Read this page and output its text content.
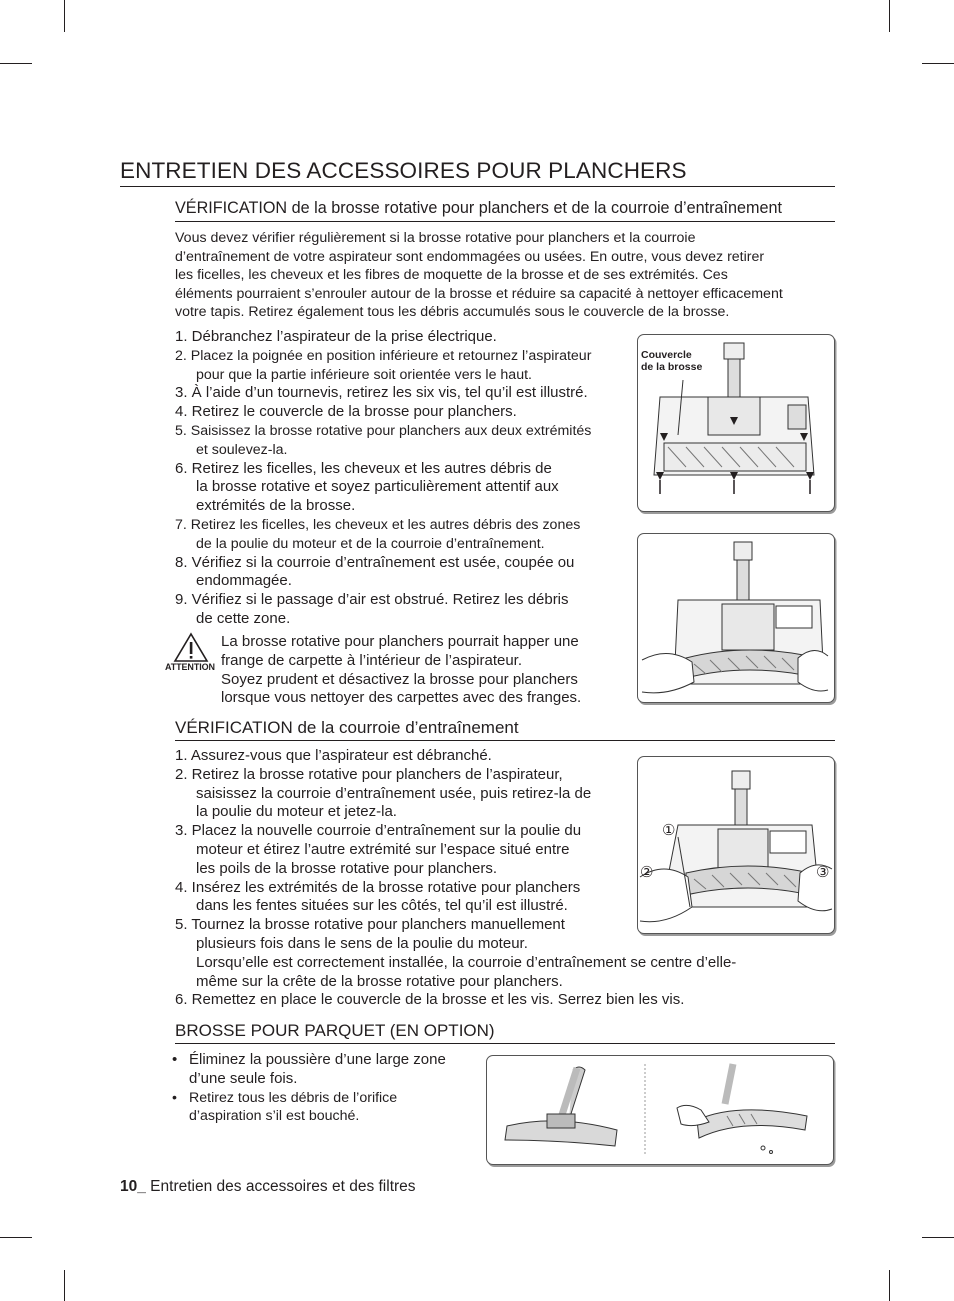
ENTRETIEN DES ACCESSOIRES POUR PLANCHERS
VÉRIFICATION de la brosse rotative pour planchers et de la courroie d’entraînement
Vous devez vérifier régulièrement si la brosse rotative pour planchers et la courroie
d’entraînement de votre aspirateur sont endommagées ou usées. En outre, vous devez retirer
les ficelles, les cheveux et les fibres de moquette de la brosse et de ses extrémités. Ces
éléments pourraient s’enrouler autour de la brosse et réduire sa capacité à nettoyer efficacement
votre tapis. Retirez également tous les débris accumulés sous le couvercle de la brosse.
1. Débranchez l’aspirateur de la prise électrique.
2. Placez la poignée en position inférieure et retournez l’aspirateur
pour que la partie inférieure soit orientée vers le haut.
3. À l’aide d’un tournevis, retirez les six vis, tel qu’il est illustré.
4. Retirez le couvercle de la brosse pour planchers.
5. Saisissez la brosse rotative pour planchers aux deux extrémités
et soulevez-la.
6. Retirez les ficelles, les cheveux et les autres débris de
la brosse rotative et soyez particulièrement attentif aux
extrémités de la brosse.
7. Retirez les ficelles, les cheveux et les autres débris des zones
de la poulie du moteur et de la courroie d’entraînement.
8. Vérifiez si la courroie d’entraînement est usée, coupée ou
endommagée.
9. Vérifiez si le passage d’air est obstrué. Retirez les débris
de cette zone.
ATTENTION
La brosse rotative pour planchers pourrait happer une
frange de carpette à l’intérieur de l’aspirateur.
Soyez prudent et désactivez la brosse pour planchers
lorsque vous nettoyer des carpettes avec des franges.
Couvercle
de la brosse
VÉRIFICATION de la courroie d’entraînement
1. Assurez-vous que l’aspirateur est débranché.
2. Retirez la brosse rotative pour planchers de l’aspirateur,
saisissez la courroie d’entraînement usée, puis retirez-la de
la poulie du moteur et jetez-la.
3. Placez la nouvelle courroie d’entraînement sur la poulie du
moteur et étirez l’autre extrémité sur l’espace situé entre
les poils de la brosse rotative pour planchers.
4. Insérez les extrémités de la brosse rotative pour planchers
dans les fentes situées sur les côtés, tel qu’il est illustré.
5. Tournez la brosse rotative pour planchers manuellement
plusieurs fois dans le sens de la poulie du moteur.
Lorsqu’elle est correctement installée, la courroie d’entraînement se centre d’elle-
même sur la crête de la brosse rotative pour planchers.
6. Remettez en place le couvercle de la brosse et les vis. Serrez bien les vis.
①
②	③
BROSSE POUR PARQUET (EN OPTION)
• Éliminez la poussière d’une large zone
d’une seule fois.
• Retirez tous les débris de l’orifice
d’aspiration s’il est bouché.
10_ Entretien des accessoires et des filtres
